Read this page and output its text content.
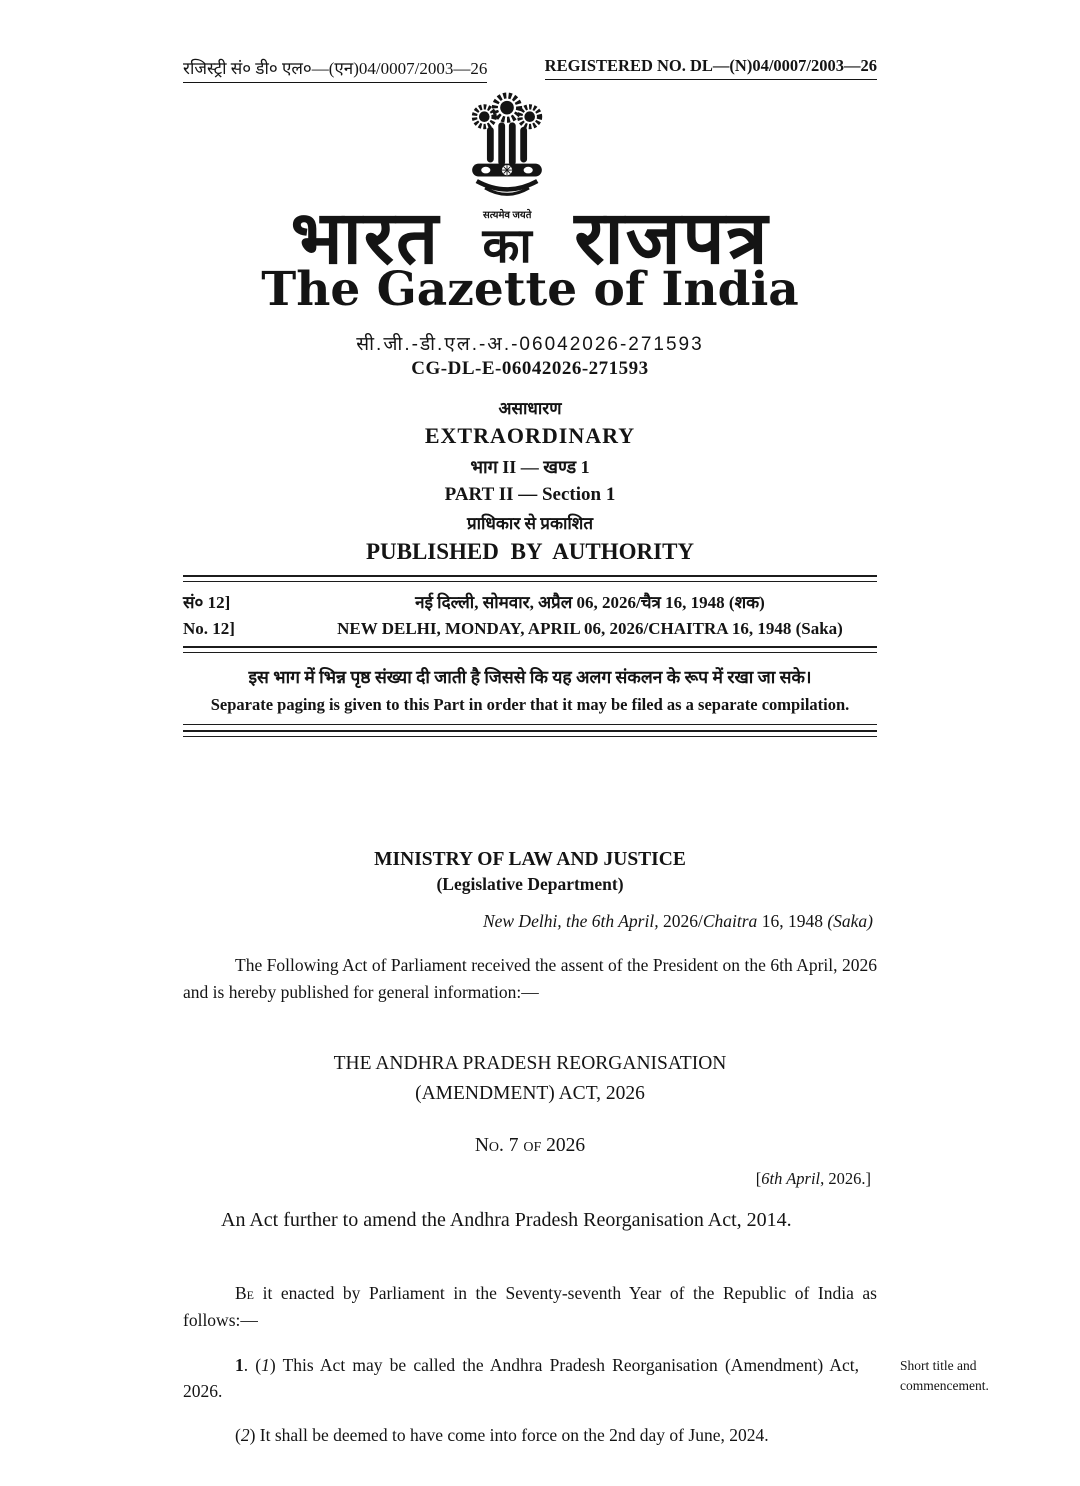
रजिस्ट्री सं० डी० एल०—(एन)04/0007/2003—26	REGISTERED NO. DL—(N)04/0007/2003—26
भारत	सत्यमेव जयते
का राजपत्र
The Gazette of India
सी.जी.-डी.एल.-अ.-06042026-271593
CG-DL-E-06042026-271593
असाधारण
EXTRAORDINARY
भाग II — खण्ड 1
PART II — Section 1
प्राधिकार से प्रकाशित
PUBLISHED BY AUTHORITY
सं० 12]	नई दिल्ली, सोमवार, अप्रैल 06, 2026/चैत्र 16, 1948 (शक)
No. 12]	NEW DELHI, MONDAY, APRIL 06, 2026/CHAITRA 16, 1948 (Saka)
इस भाग में भिन्न पृष्ठ संख्या दी जाती है जिससे कि यह अलग संकलन के रूप में रखा जा सके।
Separate paging is given to this Part in order that it may be filed as a separate compilation.
MINISTRY OF LAW AND JUSTICE
(Legislative Department)
New Delhi, the 6th April, 2026/Chaitra 16, 1948 (Saka)

The Following Act of Parliament received the assent of the President on the 6th April, 2026 and is hereby published for general information:—

THE ANDHRA PRADESH REORGANISATION
(AMENDMENT) ACT, 2026
No. 7 of 2026
[6th April, 2026.]
An Act further to amend the Andhra Pradesh Reorganisation Act, 2014.

Be it enacted by Parliament in the Seventy-seventh Year of the Republic of India as follows:—

1. (1) This Act may be called the Andhra Pradesh Reorganisation (Amendment) Act, 2026.

(2) It shall be deemed to have come into force on the 2nd day of June, 2024.

Short title and commencement.
